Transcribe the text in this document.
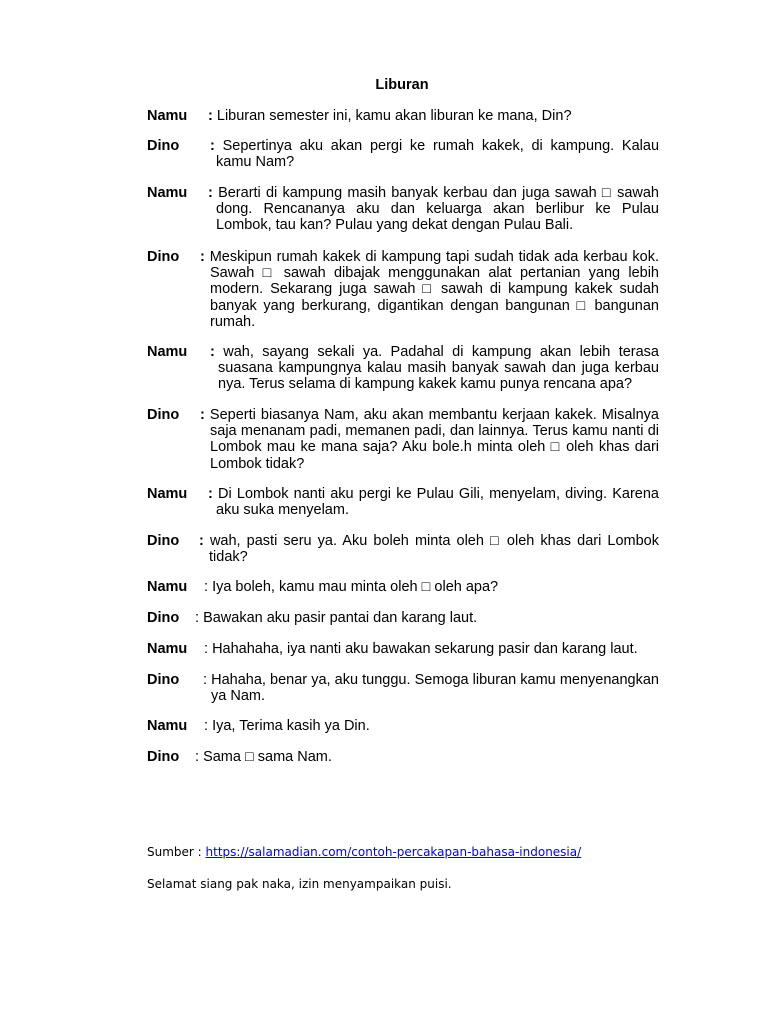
Liburan
Namu : Liburan semester ini, kamu akan liburan ke mana, Din?
Dino : Sepertinya aku akan pergi ke rumah kakek, di kampung. Kalau kamu Nam?
Namu : Berarti di kampung masih banyak kerbau dan juga sawah □ sawah dong. Rencananya aku dan keluarga akan berlibur ke Pulau Lombok, tau kan? Pulau yang dekat dengan Pulau Bali.
Dino : Meskipun rumah kakek di kampung tapi sudah tidak ada kerbau kok. Sawah □ sawah dibajak menggunakan alat pertanian yang lebih modern. Sekarang juga sawah □ sawah di kampung kakek sudah banyak yang berkurang, digantikan dengan bangunan □ bangunan rumah.
Namu : wah, sayang sekali ya. Padahal di kampung akan lebih terasa suasana kampungnya kalau masih banyak sawah dan juga kerbau nya. Terus selama di kampung kakek kamu punya rencana apa?
Dino	: Seperti biasanya Nam, aku akan membantu kerjaan kakek. Misalnya saja menanam padi, memanen padi, dan lainnya. Terus kamu nanti di Lombok mau ke mana saja? Aku bole.h minta oleh □ oleh khas dari Lombok tidak?
Namu : Di Lombok nanti aku pergi ke Pulau Gili, menyelam, diving. Karena aku suka menyelam.
Dino : wah, pasti seru ya. Aku boleh minta oleh □ oleh khas dari Lombok tidak?
Namu : Iya boleh, kamu mau minta oleh □ oleh apa?
Dino : Bawakan aku pasir pantai dan karang laut.
Namu : Hahahaha, iya nanti aku bawakan sekarung pasir dan karang laut.
Dino : Hahaha, benar ya, aku tunggu. Semoga liburan kamu menyenangkan ya Nam.
Namu : Iya, Terima kasih ya Din.
Dino : Sama □ sama Nam.
Sumber : https://salamadian.com/contoh-percakapan-bahasa-indonesia/
Selamat siang pak naka, izin menyampaikan puisi.
